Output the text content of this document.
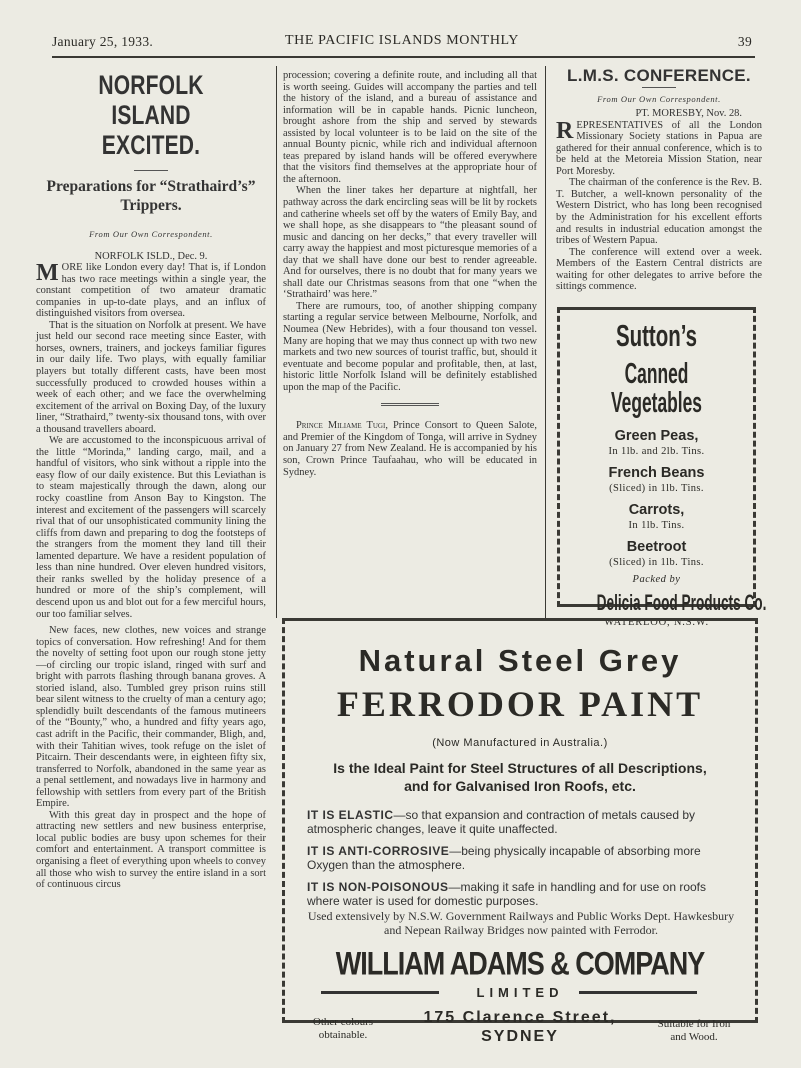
January 25, 1933.	THE PACIFIC ISLANDS MONTHLY	39
NORFOLK ISLAND
EXCITED.
Preparations for “Strathaird’s”
Trippers.
From Our Own Correspondent.

NORFOLK ISLD., Dec. 9.

MORE like London every day! That is, if London has two race meetings within a single year, the constant competition of two amateur dramatic companies in up-to-date plays, and an influx of distinguished visitors from oversea.

That is the situation on Norfolk at present. We have just held our second race meeting since Easter, with horses, owners, trainers, and jockeys familiar figures in our daily life. Two plays, with equally familiar players but totally different casts, have been most successfully produced to crowded houses within a week of each other; and we face the overwhelming excitement of the arrival on Boxing Day, of the luxury liner, “Strathaird,” twenty-six thousand tons, with over a thousand travellers aboard.

We are accustomed to the inconspicuous arrival of the little “Morinda,” landing cargo, mail, and a handful of visitors, who sink without a ripple into the easy flow of our daily existence. But this Leviathan is to steam majestically through the dawn, along our rocky coastline from Anson Bay to Kingston. The interest and excitement of the passengers will scarcely rival that of our unsophisticated community lining the cliffs from dawn and preparing to dog the footsteps of the strangers from the moment they land till their lamented departure. We have a resident population of less than nine hundred. Over eleven hundred visitors, their ranks swelled by the holiday presence of a hundred or more of the ship’s complement, will descend upon us and blot out for a few merciful hours, our too familiar selves.

New faces, new clothes, new voices and strange topics of conversation. How refreshing! And for them the novelty of setting foot upon our rough stone jetty—of circling our tropic island, ringed with surf and bright with parrots flashing through banana groves. A storied island, also. Tumbled grey prison ruins still bear silent witness to the cruelty of man a century ago; splendidly built descendants of the famous mutineers of the “Bounty,” who, a hundred and fifty years ago, cast adrift in the Pacific, their commander, Bligh, and, with their Tahitian wives, took refuge on the islet of Pitcairn. Their descendants were, in eighteen fifty six, transferred to Norfolk, abandoned in the same year as a penal settlement, and nowadays live in harmony and fellowship with settlers from every part of the British Empire.

With this great day in prospect and the hope of attracting new settlers and new business enterprise, local public bodies are busy upon schemes for their comfort and entertainment. A transport committee is organising a fleet of everything upon wheels to convey all those who wish to survey the entire island in a sort of continuous circus

procession; covering a definite route, and including all that is worth seeing. Guides will accompany the parties and tell the history of the island, and a bureau of assistance and information will be in capable hands. Picnic luncheon, brought ashore from the ship and served by stewards assisted by local volunteer is to be laid on the site of the annual Bounty picnic, while rich and individual afternoon teas prepared by island hands will be offered everywhere that the visitors find themselves at the appropriate hour of the afternoon.

When the liner takes her departure at nightfall, her pathway across the dark encircling seas will be lit by rockets and catherine wheels set off by the waters of Emily Bay, and we shall hope, as she disappears to “the pleasant sound of music and dancing on her decks,” that every traveller will carry away the happiest and most picturesque memories of a day that we shall have done our best to render agreeable. And for ourselves, there is no doubt that for many years we shall date our Christmas seasons from that one “when the ‘Strathaird’ was here.”

There are rumours, too, of another shipping company starting a regular service between Melbourne, Norfolk, and Noumea (New Hebrides), with a four thousand ton vessel. Many are hoping that we may thus connect up with two new markets and two new sources of tourist traffic, but, should it eventuate and become popular and profitable, then, at last, historic little Norfolk Island will be definitely established upon the map of the Pacific.

Prince Miliame Tugi, Prince Consort to Queen Salote, and Premier of the Kingdom of Tonga, will arrive in Sydney on January 27 from New Zealand. He is accompanied by his son, Crown Prince Taufaahau, who will be educated in Sydney.

L.M.S. CONFERENCE.
From Our Own Correspondent.

PT. MORESBY, Nov. 28.

REPRESENTATIVES of all the London Missionary Society stations in Papua are gathered for their annual conference, which is to be held at the Metoreia Mission Station, near Port Moresby.

The chairman of the conference is the Rev. B. T. Butcher, a well-known personality of the Western District, who has long been recognised by the Administration for his excellent efforts and results in industrial education amongst the tribes of Western Papua.

The conference will extend over a week. Members of the Eastern Central districts are waiting for other delegates to arrive before the sittings commence.

Sutton’s
Canned Vegetables
Green Peas,
In 1lb. and 2lb. Tins.
French Beans
(Sliced) in 1lb. Tins.
Carrots,
In 1lb. Tins.
Beetroot
(Sliced) in 1lb. Tins.
Packed by
Delicia Food Products Co.
WATERLOO, N.S.W.
Natural Steel Grey
FERRODOR PAINT
(Now Manufactured in Australia.)
Is the Ideal Paint for Steel Structures of all Descriptions,
and for Galvanised Iron Roofs, etc.
IT IS ELASTIC—so that expansion and contraction of metals caused by atmospheric changes, leave it quite unaffected.
IT IS ANTI-CORROSIVE—being physically incapable of absorbing more Oxygen than the atmosphere.
IT IS NON-POISONOUS—making it safe in handling and for use on roofs where water is used for domestic purposes.
Used extensively by N.S.W. Government Railways and Public Works Dept. Hawkesbury and Nepean Railway Bridges now painted with Ferrodor.
WILLIAM ADAMS & COMPANY
LIMITED
Other colours obtainable.
175 Clarence Street,
SYDNEY
Suitable for Iron and Wood.
